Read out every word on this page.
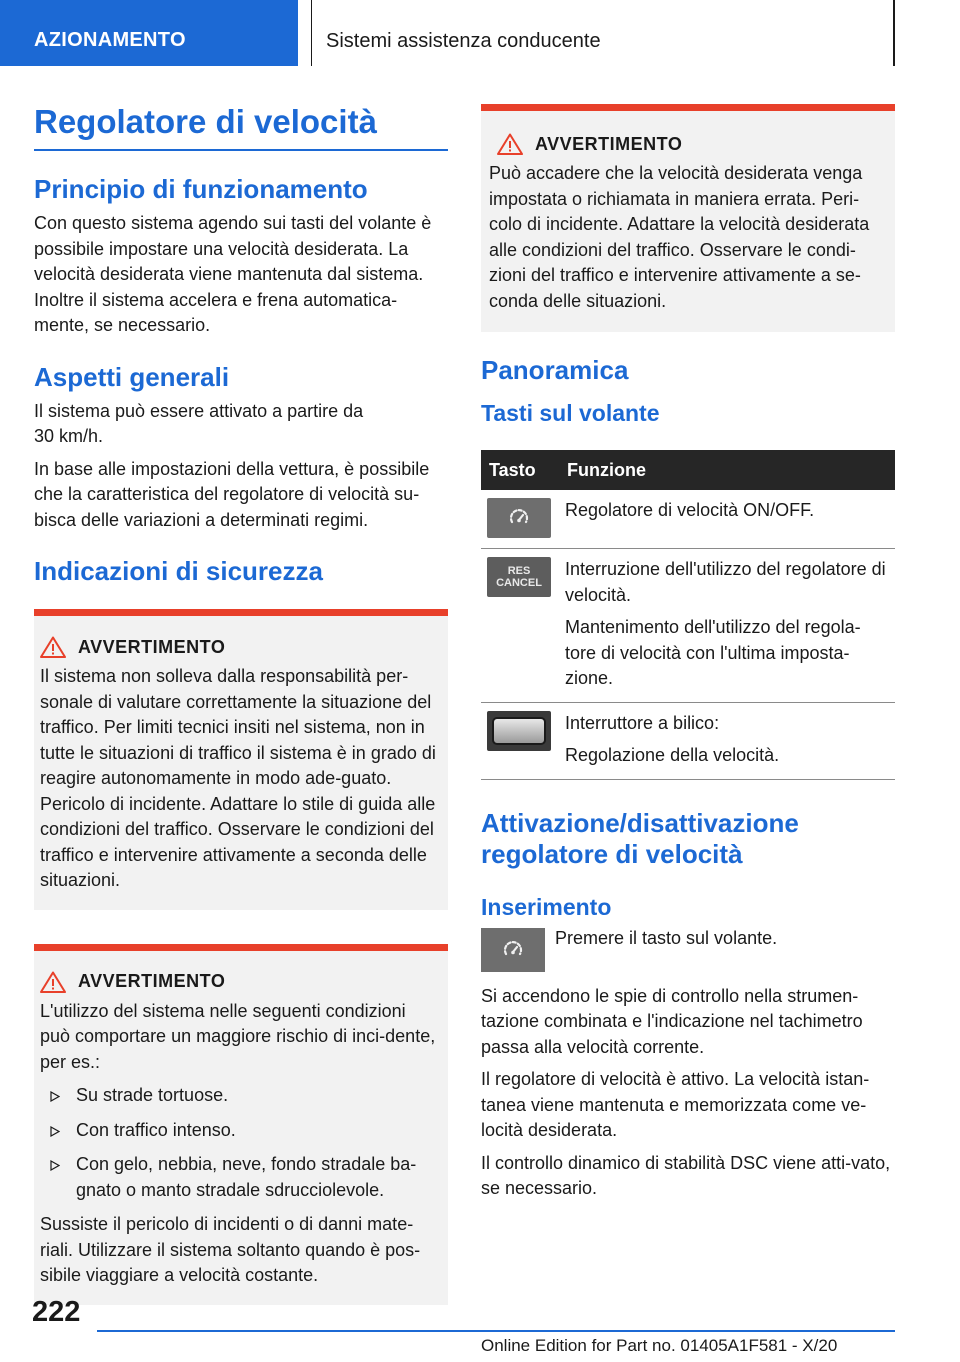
AZIONAMENTO	Sistemi assistenza conducente
Regolatore di velocità
Principio di funzionamento

Con questo sistema agendo sui tasti del volante è possibile impostare una velocità desiderata. La velocità desiderata viene mantenuta dal sistema. Inoltre il sistema accelera e frena automatica-mente, se necessario.

Aspetti generali

Il sistema può essere attivato a partire da 30 km/h.

In base alle impostazioni della vettura, è possibile che la caratteristica del regolatore di velocità su-bisca delle variazioni a determinati regimi.

Indicazioni di sicurezza
AVVERTIMENTO

Il sistema non solleva dalla responsabilità per-sonale di valutare correttamente la situazione del traffico. Per limiti tecnici insiti nel sistema, non in tutte le situazioni di traffico il sistema è in grado di reagire autonomamente in modo ade-guato. Pericolo di incidente. Adattare lo stile di guida alle condizioni del traffico. Osservare le condizioni del traffico e intervenire attivamente a seconda delle situazioni.

AVVERTIMENTO

L'utilizzo del sistema nelle seguenti condizioni può comportare un maggiore rischio di inci-dente, per es.:

Su strade tortuose.
Con traffico intenso.
Con gelo, nebbia, neve, fondo stradale ba-gnato o manto stradale sdrucciolevole.

Sussiste il pericolo di incidenti o di danni mate-riali. Utilizzare il sistema soltanto quando è pos-sibile viaggiare a velocità costante.

AVVERTIMENTO

Può accadere che la velocità desiderata venga impostata o richiamata in maniera errata. Peri-colo di incidente. Adattare la velocità desiderata alle condizioni del traffico. Osservare le condi-zioni del traffico e intervenire attivamente a se-conda delle situazioni.

Panoramica
Tasti sul volante
Tasto	Funzione

Regolatore di velocità ON/OFF.

RES CANCEL	Interruzione dell'utilizzo del regolatore di velocità.
Mantenimento dell'utilizzo del regola-tore di velocità con l'ultima imposta-zione.

	Interruttore a bilico:
Regolazione della velocità.
Attivazione/disattivazione regolatore di velocità
Inserimento

Premere il tasto sul volante.

Si accendono le spie di controllo nella strumen-tazione combinata e l'indicazione nel tachimetro passa alla velocità corrente.

Il regolatore di velocità è attivo. La velocità istan-tanea viene mantenuta e memorizzata come ve-locità desiderata.

Il controllo dinamico di stabilità DSC viene atti-vato, se necessario.

222
Online Edition for Part no. 01405A1F581 - X/20
